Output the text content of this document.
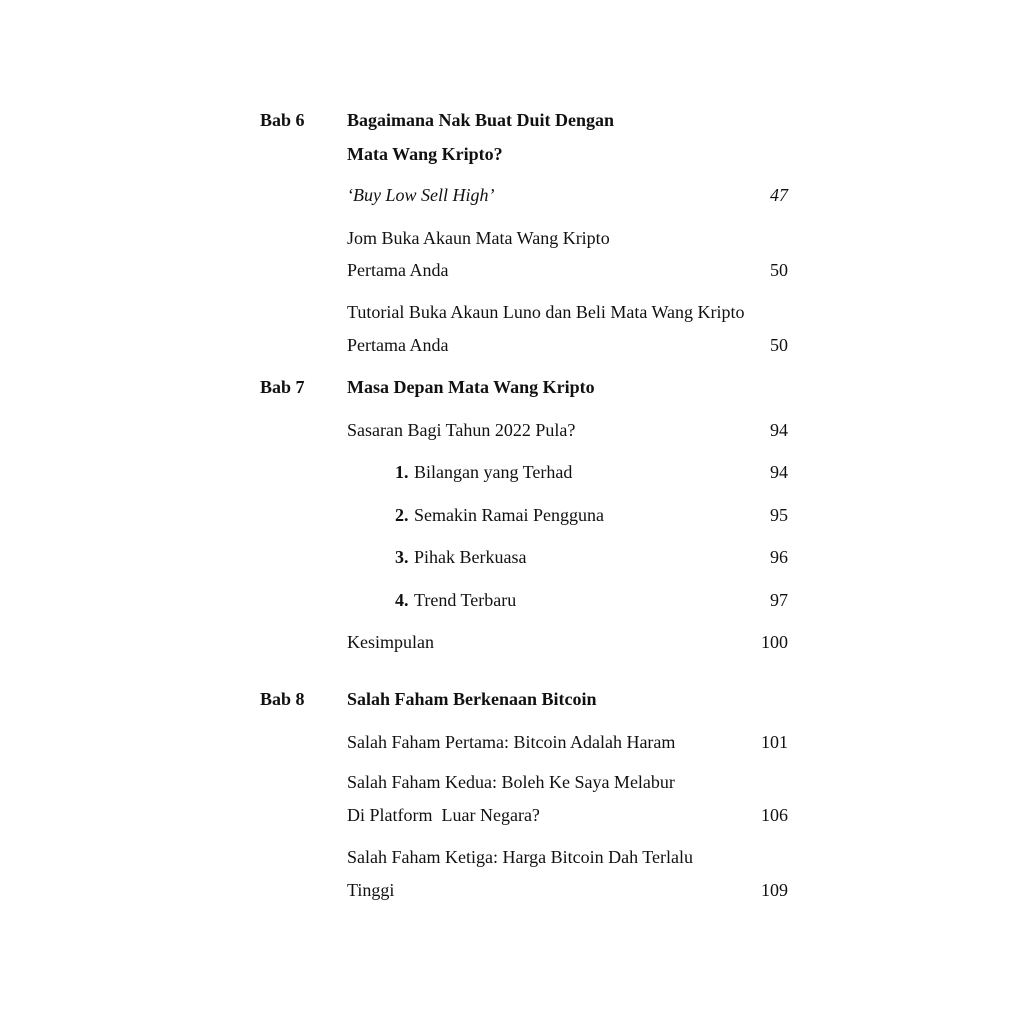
Bab 6 Bagaimana Nak Buat Duit Dengan
Mata Wang Kripto?
‘Buy Low Sell High’	47
Jom Buka Akaun Mata Wang Kripto
Pertama Anda	50
Tutorial Buka Akaun Luno dan Beli Mata Wang Kripto
Pertama Anda	50
Bab 7 Masa Depan Mata Wang Kripto
Sasaran Bagi Tahun 2022 Pula?	94
1. Bilangan yang Terhad	94
2. Semakin Ramai Pengguna	95
3. Pihak Berkuasa	96
4. Trend Terbaru	97
Kesimpulan	100
Bab 8 Salah Faham Berkenaan Bitcoin
Salah Faham Pertama: Bitcoin Adalah Haram	101
Salah Faham Kedua: Boleh Ke Saya Melabur
Di Platform  Luar Negara?	106
Salah Faham Ketiga: Harga Bitcoin Dah Terlalu
Tinggi	109
